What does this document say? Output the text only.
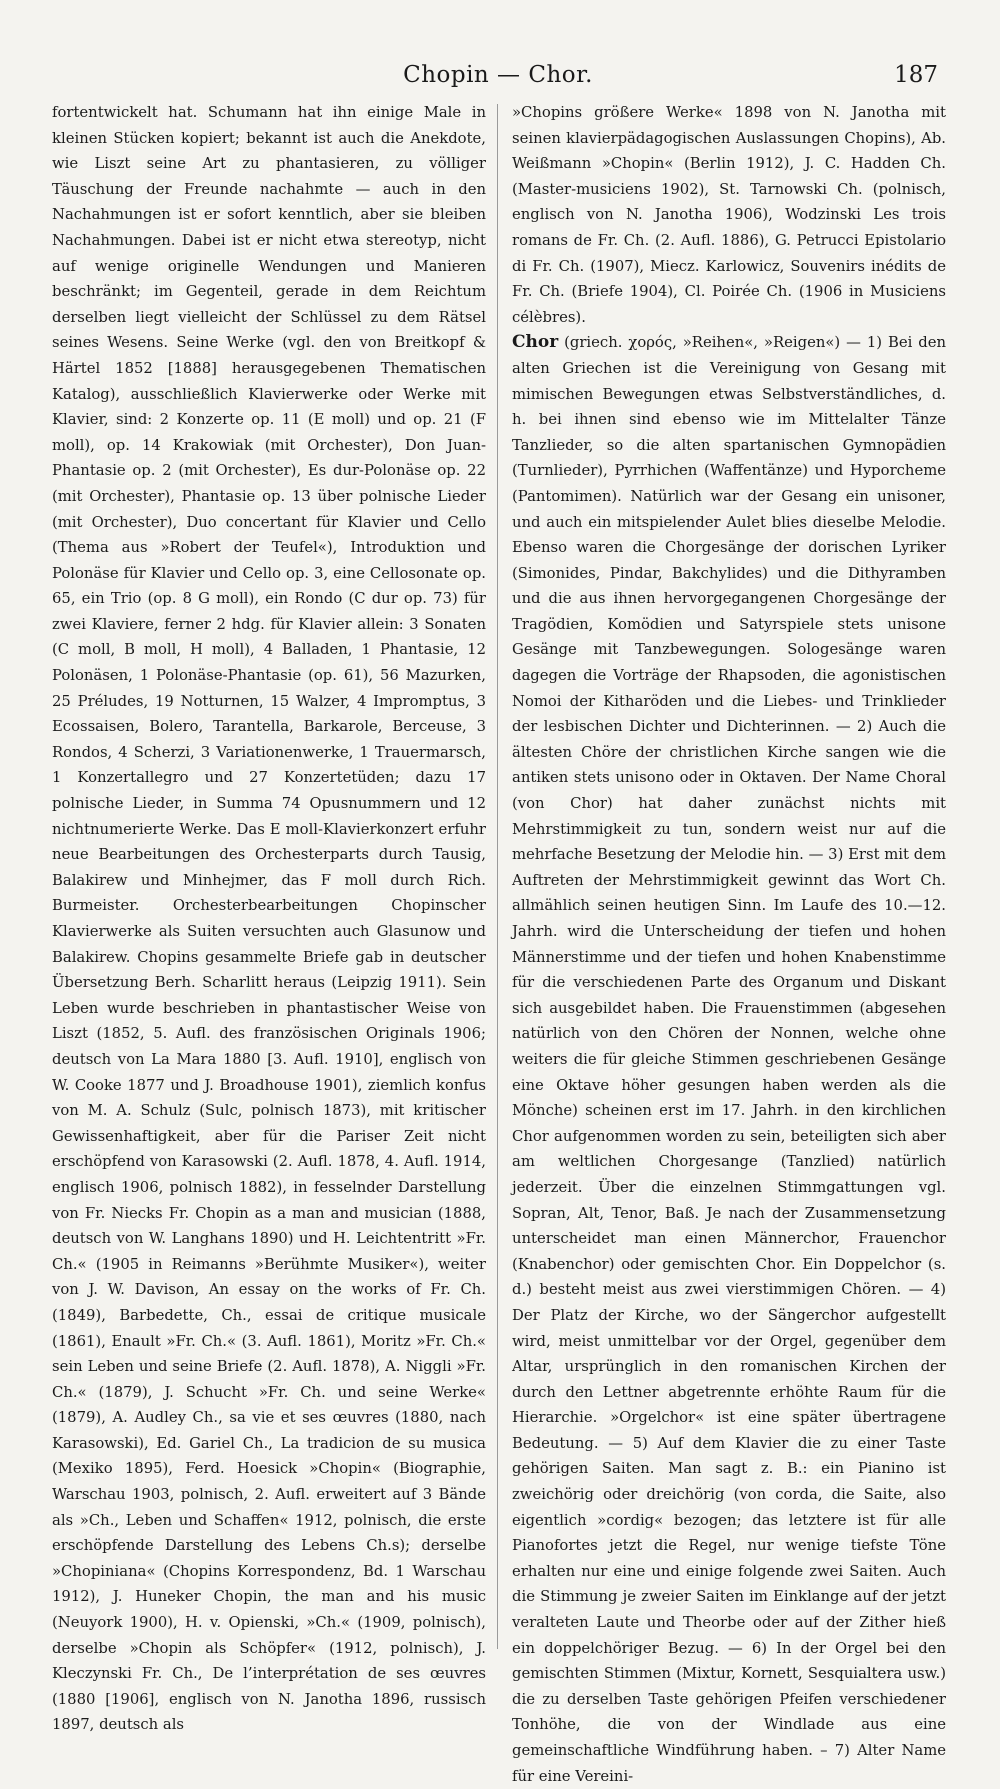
Chopin — Chor.	187

fortentwickelt hat. Schumann hat ihn einige Male in kleinen Stücken kopiert; bekannt ist auch die Anekdote, wie Liszt seine Art zu phantasieren, zu völliger Täuschung der Freunde nachahmte — auch in den Nachahmungen ist er sofort kenntlich, aber sie bleiben Nachahmungen. Dabei ist er nicht etwa stereotyp, nicht auf wenige originelle Wendungen und Manieren beschränkt; im Gegenteil, gerade in dem Reichtum derselben liegt vielleicht der Schlüssel zu dem Rätsel seines Wesens. Seine Werke (vgl. den von Breitkopf & Härtel 1852 [1888] herausgegebenen Thematischen Katalog), ausschließlich Klavierwerke oder Werke mit Klavier, sind: 2 Konzerte op. 11 (E moll) und op. 21 (F moll), op. 14 Krakowiak (mit Orchester), Don Juan-Phantasie op. 2 (mit Orchester), Es dur-Polonäse op. 22 (mit Orchester), Phantasie op. 13 über polnische Lieder (mit Orchester), Duo concertant für Klavier und Cello (Thema aus »Robert der Teufel«), Introduktion und Polonäse für Klavier und Cello op. 3, eine Cellosonate op. 65, ein Trio (op. 8 G moll), ein Rondo (C dur op. 73) für zwei Klaviere, ferner 2 hdg. für Klavier allein: 3 Sonaten (C moll, B moll, H moll), 4 Balladen, 1 Phantasie, 12 Polonäsen, 1 Polonäse-Phantasie (op. 61), 56 Mazurken, 25 Préludes, 19 Notturnen, 15 Walzer, 4 Impromptus, 3 Ecossaisen, Bolero, Tarantella, Barkarole, Berceuse, 3 Rondos, 4 Scherzi, 3 Variationenwerke, 1 Trauermarsch, 1 Konzertallegro und 27 Konzertetüden; dazu 17 polnische Lieder, in Summa 74 Opusnummern und 12 nichtnumerierte Werke. Das E moll-Klavierkonzert erfuhr neue Bearbeitungen des Orchesterparts durch Tausig, Balakirew und Minhejmer, das F moll durch Rich. Burmeister. Orchesterbearbeitungen Chopinscher Klavierwerke als Suiten versuchten auch Glasunow und Balakirew. Chopins gesammelte Briefe gab in deutscher Übersetzung Berh. Scharlitt heraus (Leipzig 1911). Sein Leben wurde beschrieben in phantastischer Weise von Liszt (1852, 5. Aufl. des französischen Originals 1906; deutsch von La Mara 1880 [3. Aufl. 1910], englisch von W. Cooke 1877 und J. Broadhouse 1901), ziemlich konfus von M. A. Schulz (Sulc, polnisch 1873), mit kritischer Gewissenhaftigkeit, aber für die Pariser Zeit nicht erschöpfend von Karasowski (2. Aufl. 1878, 4. Aufl. 1914, englisch 1906, polnisch 1882), in fesselnder Darstellung von Fr. Niecks Fr. Chopin as a man and musician (1888, deutsch von W. Langhans 1890) und H. Leichtentritt »Fr. Ch.« (1905 in Reimanns »Berühmte Musiker«), weiter von J. W. Davison, An essay on the works of Fr. Ch. (1849), Barbedette, Ch., essai de critique musicale (1861), Enault »Fr. Ch.« (3. Aufl. 1861), Moritz »Fr. Ch.« sein Leben und seine Briefe (2. Aufl. 1878), A. Niggli »Fr. Ch.« (1879), J. Schucht »Fr. Ch. und seine Werke« (1879), A. Audley Ch., sa vie et ses œuvres (1880, nach Karasowski), Ed. Gariel Ch., La tradicion de su musica (Mexiko 1895), Ferd. Hoesick »Chopin« (Biographie, Warschau 1903, polnisch, 2. Aufl. erweitert auf 3 Bände als »Ch., Leben und Schaffen« 1912, polnisch, die erste erschöpfende Darstellung des Lebens Ch.s); derselbe »Chopiniana« (Chopins Korrespondenz, Bd. 1 Warschau 1912), J. Huneker Chopin, the man and his music (Neuyork 1900), H. v. Opienski, »Ch.« (1909, polnisch), derselbe »Chopin als Schöpfer« (1912, polnisch), J. Kleczynski Fr. Ch., De l’interprétation de ses œuvres (1880 [1906], englisch von N. Janotha 1896, russisch 1897, deutsch als

»Chopins größere Werke« 1898 von N. Janotha mit seinen klavierpädagogischen Auslassungen Chopins), Ab. Weißmann »Chopin« (Berlin 1912), J. C. Hadden Ch. (Master-musiciens 1902), St. Tarnowski Ch. (polnisch, englisch von N. Janotha 1906), Wodzinski Les trois romans de Fr. Ch. (2. Aufl. 1886), G. Petrucci Epistolario di Fr. Ch. (1907), Miecz. Karlowicz, Souvenirs inédits de Fr. Ch. (Briefe 1904), Cl. Poirée Ch. (1906 in Musiciens célèbres).

Chor (griech. χορός, »Reihen«, »Reigen«) — 1) Bei den alten Griechen ist die Vereinigung von Gesang mit mimischen Bewegungen etwas Selbstverständliches, d. h. bei ihnen sind ebenso wie im Mittelalter Tänze Tanzlieder, so die alten spartanischen Gymnopädien (Turnlieder), Pyrrhichen (Waffentänze) und Hyporcheme (Pantomimen). Natürlich war der Gesang ein unisoner, und auch ein mitspielender Aulet blies dieselbe Melodie. Ebenso waren die Chorgesänge der dorischen Lyriker (Simonides, Pindar, Bakchylides) und die Dithyramben und die aus ihnen hervorgegangenen Chorgesänge der Tragödien, Komödien und Satyrspiele stets unisone Gesänge mit Tanzbewegungen. Sologesänge waren dagegen die Vorträge der Rhapsoden, die agonistischen Nomoi der Kitharöden und die Liebes- und Trinklieder der lesbischen Dichter und Dichterinnen. — 2) Auch die ältesten Chöre der christlichen Kirche sangen wie die antiken stets unisono oder in Oktaven. Der Name Choral (von Chor) hat daher zunächst nichts mit Mehrstimmigkeit zu tun, sondern weist nur auf die mehrfache Besetzung der Melodie hin. — 3) Erst mit dem Auftreten der Mehrstimmigkeit gewinnt das Wort Ch. allmählich seinen heutigen Sinn. Im Laufe des 10.—12. Jahrh. wird die Unterscheidung der tiefen und hohen Männerstimme und der tiefen und hohen Knabenstimme für die verschiedenen Parte des Organum und Diskant sich ausgebildet haben. Die Frauenstimmen (abgesehen natürlich von den Chören der Nonnen, welche ohne weiters die für gleiche Stimmen geschriebenen Gesänge eine Oktave höher gesungen haben werden als die Mönche) scheinen erst im 17. Jahrh. in den kirchlichen Chor aufgenommen worden zu sein, beteiligten sich aber am weltlichen Chorgesange (Tanzlied) natürlich jederzeit. Über die einzelnen Stimmgattungen vgl. Sopran, Alt, Tenor, Baß. Je nach der Zusammensetzung unterscheidet man einen Männerchor, Frauenchor (Knabenchor) oder gemischten Chor. Ein Doppelchor (s. d.) besteht meist aus zwei vierstimmigen Chören. — 4) Der Platz der Kirche, wo der Sängerchor aufgestellt wird, meist unmittelbar vor der Orgel, gegenüber dem Altar, ursprünglich in den romanischen Kirchen der durch den Lettner abgetrennte erhöhte Raum für die Hierarchie. »Orgelchor« ist eine später übertragene Bedeutung. — 5) Auf dem Klavier die zu einer Taste gehörigen Saiten. Man sagt z. B.: ein Pianino ist zweichörig oder dreichörig (von corda, die Saite, also eigentlich »cordig« bezogen; das letztere ist für alle Pianofortes jetzt die Regel, nur wenige tiefste Töne erhalten nur eine und einige folgende zwei Saiten. Auch die Stimmung je zweier Saiten im Einklange auf der jetzt veralteten Laute und Theorbe oder auf der Zither hieß ein doppelchöriger Bezug. — 6) In der Orgel bei den gemischten Stimmen (Mixtur, Kornett, Sesquialtera usw.) die zu derselben Taste gehörigen Pfeifen verschiedener Tonhöhe, die von der Windlade aus eine gemeinschaftliche Windführung haben. – 7) Alter Name für eine Vereini-
